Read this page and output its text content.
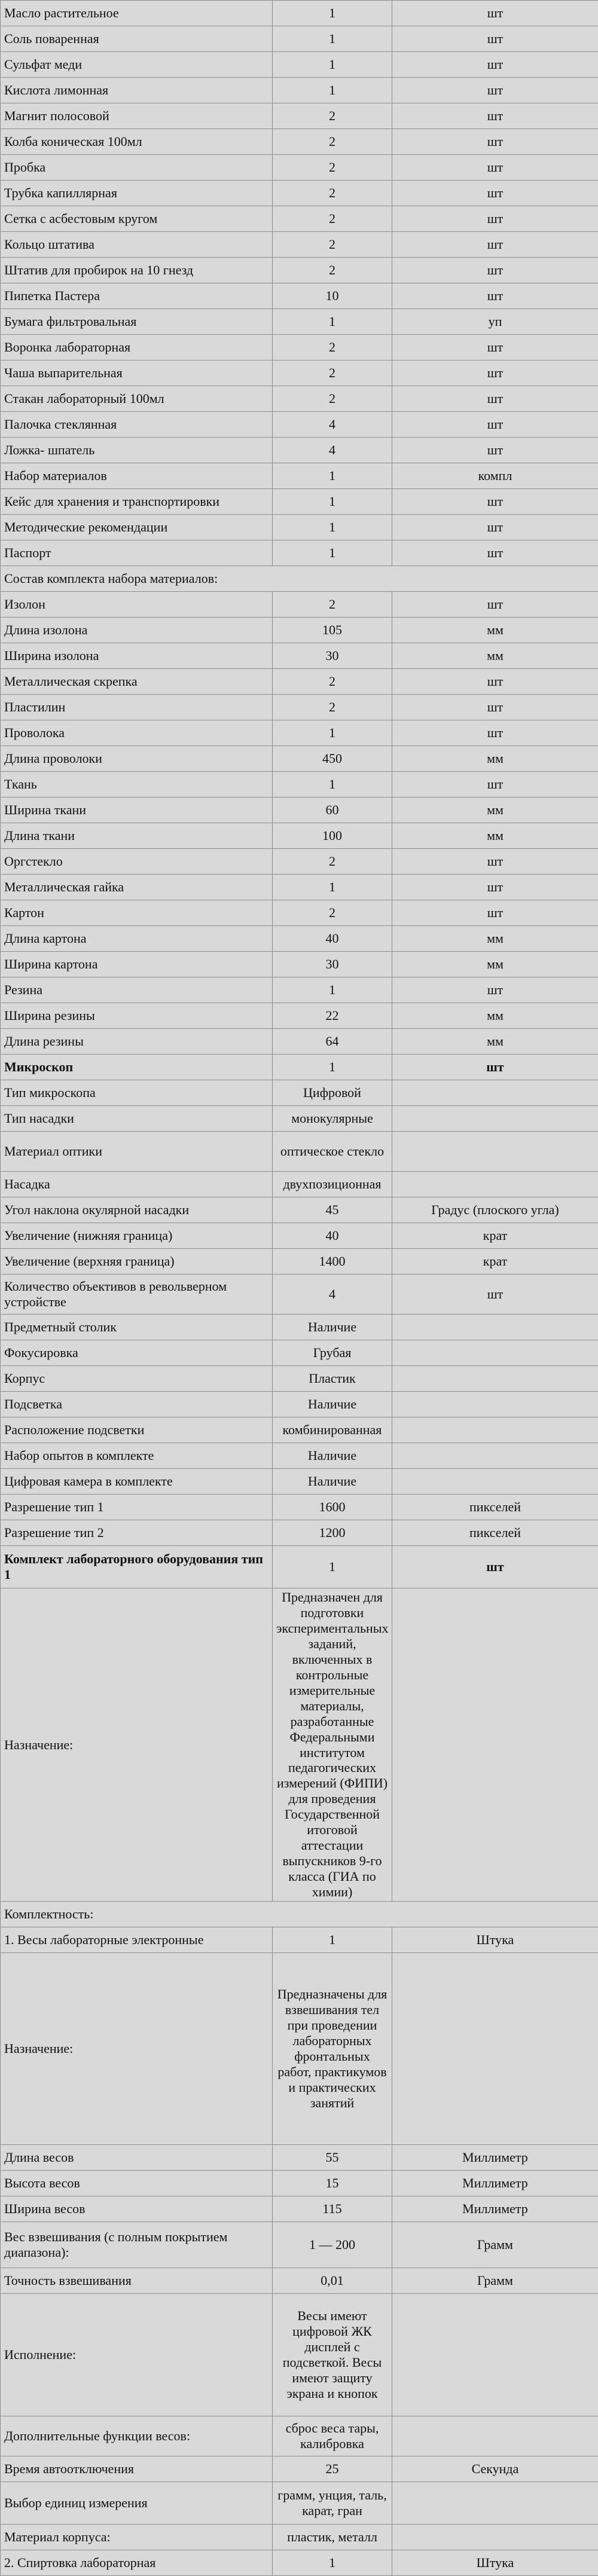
Масло растительное	1	шт
Соль поваренная	1	шт
Сульфат меди	1	шт
Кислота лимонная	1	шт
Магнит полосовой	2	шт
Колба коническая 100мл	2	шт
Пробка	2	шт
Трубка капиллярная	2	шт
Сетка с асбестовым кругом	2	шт
Кольцо штатива	2	шт
Штатив для пробирок на 10 гнезд	2	шт
Пипетка Пастера	10	шт
Бумага фильтровальная	1	уп
Воронка лабораторная	2	шт
Чаша выпарительная	2	шт
Стакан лабораторный 100мл	2	шт
Палочка стеклянная	4	шт
Ложка- шпатель	4	шт
Набор материалов	1	компл
Кейс для хранения и транспортировки	1	шт
Методические рекомендации	1	шт
Паспорт	1	шт
Состав комплекта набора материалов:		
Изолон	2	шт
Длина изолона	105	мм
Ширина изолона	30	мм
Металлическая скрепка	2	шт
Пластилин	2	шт
Проволока	1	шт
Длина проволоки	450	мм
Ткань	1	шт
Ширина ткани	60	мм
Длина ткани	100	мм
Оргстекло	2	шт
Металлическая гайка	1	шт
Картон	2	шт
Длина картона	40	мм
Ширина картона	30	мм
Резина	1	шт
Ширина резины	22	мм
Длина резины	64	мм
Микроскоп	1	шт
Тип микроскопа	Цифровой	
Тип насадки	монокулярные	
Материал оптики	оптическое стекло	
Насадка	двухпозиционная	
Угол наклона окулярной насадки	45	Градус (плоского угла)
Увеличение (нижняя граница)	40	крат
Увеличение (верхняя граница)	1400	крат
Количество объективов в револьверном устройстве	4	шт
Предметный столик	Наличие	
Фокусировка	Грубая	
Корпус	Пластик	
Подсветка	Наличие	
Расположение подсветки	комбинированная	
Набор опытов в комплекте	Наличие	
Цифровая камера в комплекте	Наличие	
Разрешение тип 1	1600	пикселей
Разрешение тип 2	1200	пикселей
Комплект лабораторного оборудования тип 1	1	шт
Назначение:	Предназначен для подготовки экспериментальных заданий, включенных в контрольные измерительные материалы, разработанные Федеральными институтом педагогических измерений (ФИПИ) для проведения Государственной итоговой аттестации выпускников 9-го класса (ГИА по химии)	
Комплектность:		
1. Весы лабораторные электронные	1	Штука
Назначение:	Предназначены для взвешивания тел при проведении лабораторных фронтальных работ, практикумов и практических занятий	
Длина весов	55	Миллиметр
Высота весов	15	Миллиметр
Ширина весов	115	Миллиметр
Вес взвешивания (с полным покрытием диапазона):	1 — 200	Грамм
Точность взвешивания	0,01	Грамм
Исполнение:	Весы имеют цифровой ЖК дисплей с подсветкой. Весы имеют защиту экрана и кнопок	
Дополнительные функции весов:	сброс веса тары, калибровка	
Время автоотключения	25	Секунда
Выбор единиц измерения	грамм, унция, таль, карат, гран	
Материал корпуса:	пластик, металл	
2. Спиртовка лабораторная	1	Штука
